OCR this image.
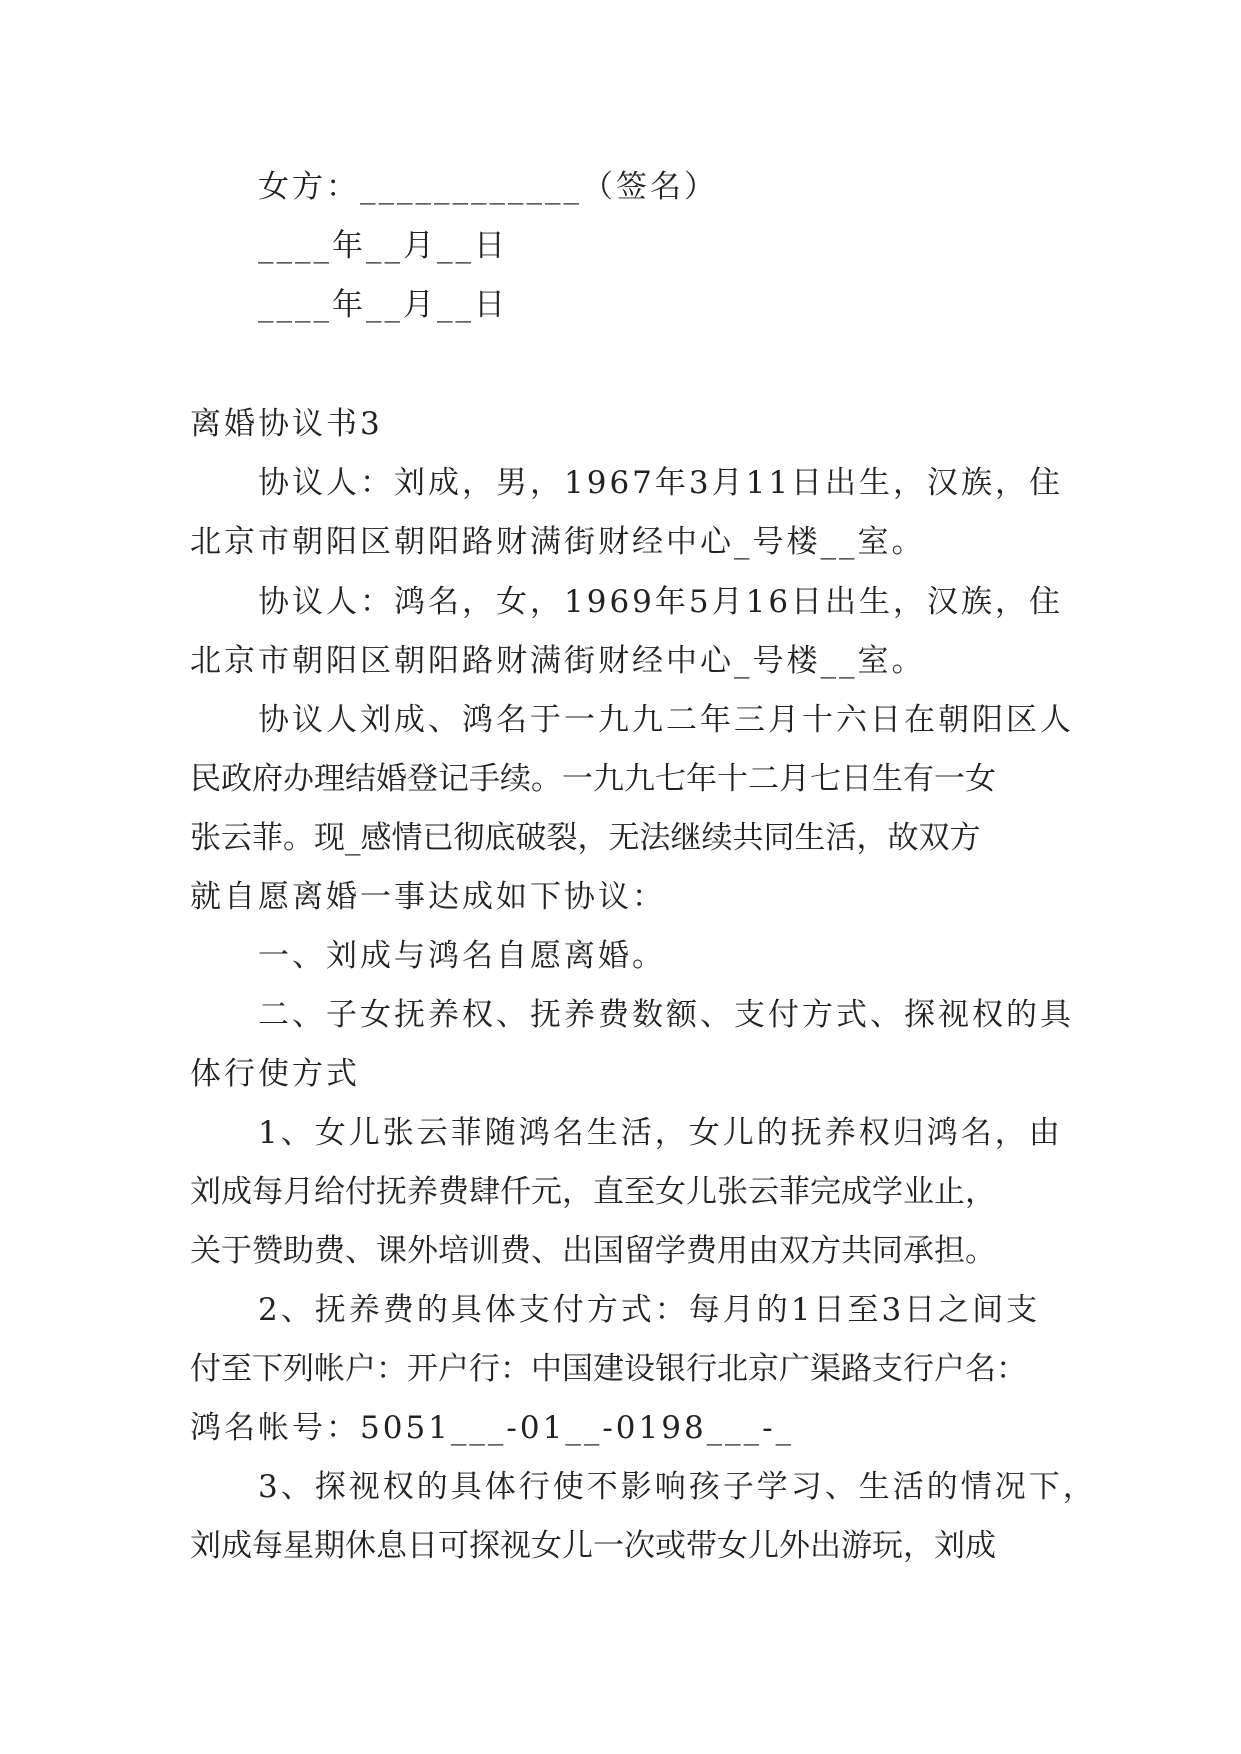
女方：____________（签名）
____年__月__日
____年__月__日
离婚协议书3
协议人：刘成，男，1967年3月11日出生，汉族，住
北京市朝阳区朝阳路财满街财经中心_号楼__室。
协议人：鸿名，女，1969年5月16日出生，汉族，住
北京市朝阳区朝阳路财满街财经中心_号楼__室。
协议人刘成、鸿名于一九九二年三月十六日在朝阳区人
民政府办理结婚登记手续。一九九七年十二月七日生有一女
张云菲。现_感情已彻底破裂，无法继续共同生活，故双方
就自愿离婚一事达成如下协议：
一、刘成与鸿名自愿离婚。
二、子女抚养权、抚养费数额、支付方式、探视权的具
体行使方式
1、女儿张云菲随鸿名生活，女儿的抚养权归鸿名，由
刘成每月给付抚养费肆仟元，直至女儿张云菲完成学业止，
关于赞助费、课外培训费、出国留学费用由双方共同承担。
2、抚养费的具体支付方式：每月的1日至3日之间支
付至下列帐户：开户行：中国建设银行北京广渠路支行户名：
鸿名帐号：5051___-01__-0198___-_
3、探视权的具体行使不影响孩子学习、生活的情况下，
刘成每星期休息日可探视女儿一次或带女儿外出游玩，刘成
